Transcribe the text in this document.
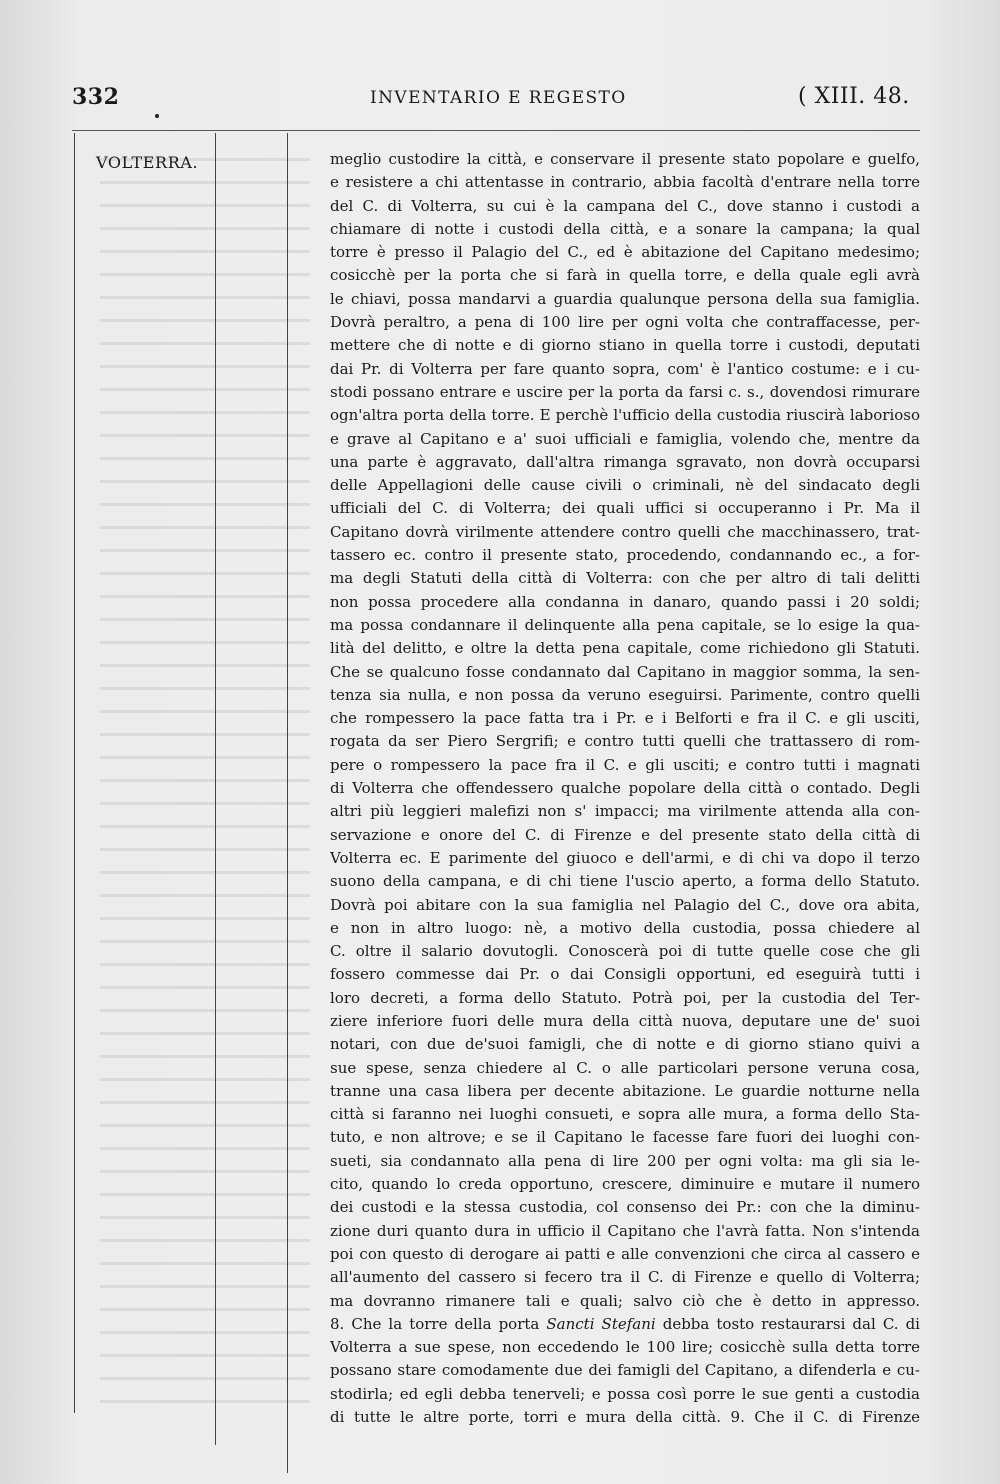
332	INVENTARIO E REGESTO	( XIII. 48.
VOLTERRA.	meglio custodire la città, e conservare il presente stato popolare e guelfo,
e resistere a chi attentasse in contrario, abbia facoltà d'entrare nella torre
del C. di Volterra, su cui è la campana del C., dove stanno i custodi a
chiamare di notte i custodi della città, e a sonare la campana; la qual
torre è presso il Palagio del C., ed è abitazione del Capitano medesimo;
cosicchè per la porta che si farà in quella torre, e della quale egli avrà
le chiavi, possa mandarvi a guardia qualunque persona della sua famiglia.
Dovrà peraltro, a pena di 100 lire per ogni volta che contraffacesse, per-
mettere che di notte e di giorno stiano in quella torre i custodi, deputati
dai Pr. di Volterra per fare quanto sopra, com' è l'antico costume: e i cu-
stodi possano entrare e uscire per la porta da farsi c. s., dovendosi rimurare
ogn'altra porta della torre. E perchè l'ufficio della custodia riuscirà laborioso
e grave al Capitano e a' suoi ufficiali e famiglia, volendo che, mentre da
una parte è aggravato, dall'altra rimanga sgravato, non dovrà occuparsi
delle Appellagioni delle cause civili o criminali, nè del sindacato degli
ufficiali del C. di Volterra; dei quali uffici si occuperanno i Pr. Ma il
Capitano dovrà virilmente attendere contro quelli che macchinassero, trat-
tassero ec. contro il presente stato, procedendo, condannando ec., a for-
ma degli Statuti della città di Volterra: con che per altro di tali delitti
non possa procedere alla condanna in danaro, quando passi i 20 soldi;
ma possa condannare il delinquente alla pena capitale, se lo esige la qua-
lità del delitto, e oltre la detta pena capitale, come richiedono gli Statuti.
Che se qualcuno fosse condannato dal Capitano in maggior somma, la sen-
tenza sia nulla, e non possa da veruno eseguirsi. Parimente, contro quelli
che rompessero la pace fatta tra i Pr. e i Belforti e fra il C. e gli usciti,
rogata da ser Piero Sergrifi; e contro tutti quelli che trattassero di rom-
pere o rompessero la pace fra il C. e gli usciti; e contro tutti i magnati
di Volterra che offendessero qualche popolare della città o contado. Degli
altri più leggieri malefizi non s' impacci; ma virilmente attenda alla con-
servazione e onore del C. di Firenze e del presente stato della città di
Volterra ec. E parimente del giuoco e dell'armi, e di chi va dopo il terzo
suono della campana, e di chi tiene l'uscio aperto, a forma dello Statuto.
Dovrà poi abitare con la sua famiglia nel Palagio del C., dove ora abita,
e non in altro luogo: nè, a motivo della custodia, possa chiedere al
C. oltre il salario dovutogli. Conoscerà poi di tutte quelle cose che gli
fossero commesse dai Pr. o dai Consigli opportuni, ed eseguirà tutti i
loro decreti, a forma dello Statuto. Potrà poi, per la custodia del Ter-
ziere inferiore fuori delle mura della città nuova, deputare une de' suoi
notari, con due de'suoi famigli, che di notte e di giorno stiano quivi a
sue spese, senza chiedere al C. o alle particolari persone veruna cosa,
tranne una casa libera per decente abitazione. Le guardie notturne nella
città si faranno nei luoghi consueti, e sopra alle mura, a forma dello Sta-
tuto, e non altrove; e se il Capitano le facesse fare fuori dei luoghi con-
sueti, sia condannato alla pena di lire 200 per ogni volta: ma gli sia le-
cito, quando lo creda opportuno, crescere, diminuire e mutare il numero
dei custodi e la stessa custodia, col consenso dei Pr.: con che la diminu-
zione duri quanto dura in ufficio il Capitano che l'avrà fatta. Non s'intenda
poi con questo di derogare ai patti e alle convenzioni che circa al cassero e
all'aumento del cassero si fecero tra il C. di Firenze e quello di Volterra;
ma dovranno rimanere tali e quali; salvo ciò che è detto in appresso.
8. Che la torre della porta Sancti Stefani debba tosto restaurarsi dal C. di
Volterra a sue spese, non eccedendo le 100 lire; cosicchè sulla detta torre
possano stare comodamente due dei famigli del Capitano, a difenderla e cu-
stodirla; ed egli debba tenerveli; e possa così porre le sue genti a custodia
di tutte le altre porte, torri e mura della città. 9. Che il C. di Firenze
